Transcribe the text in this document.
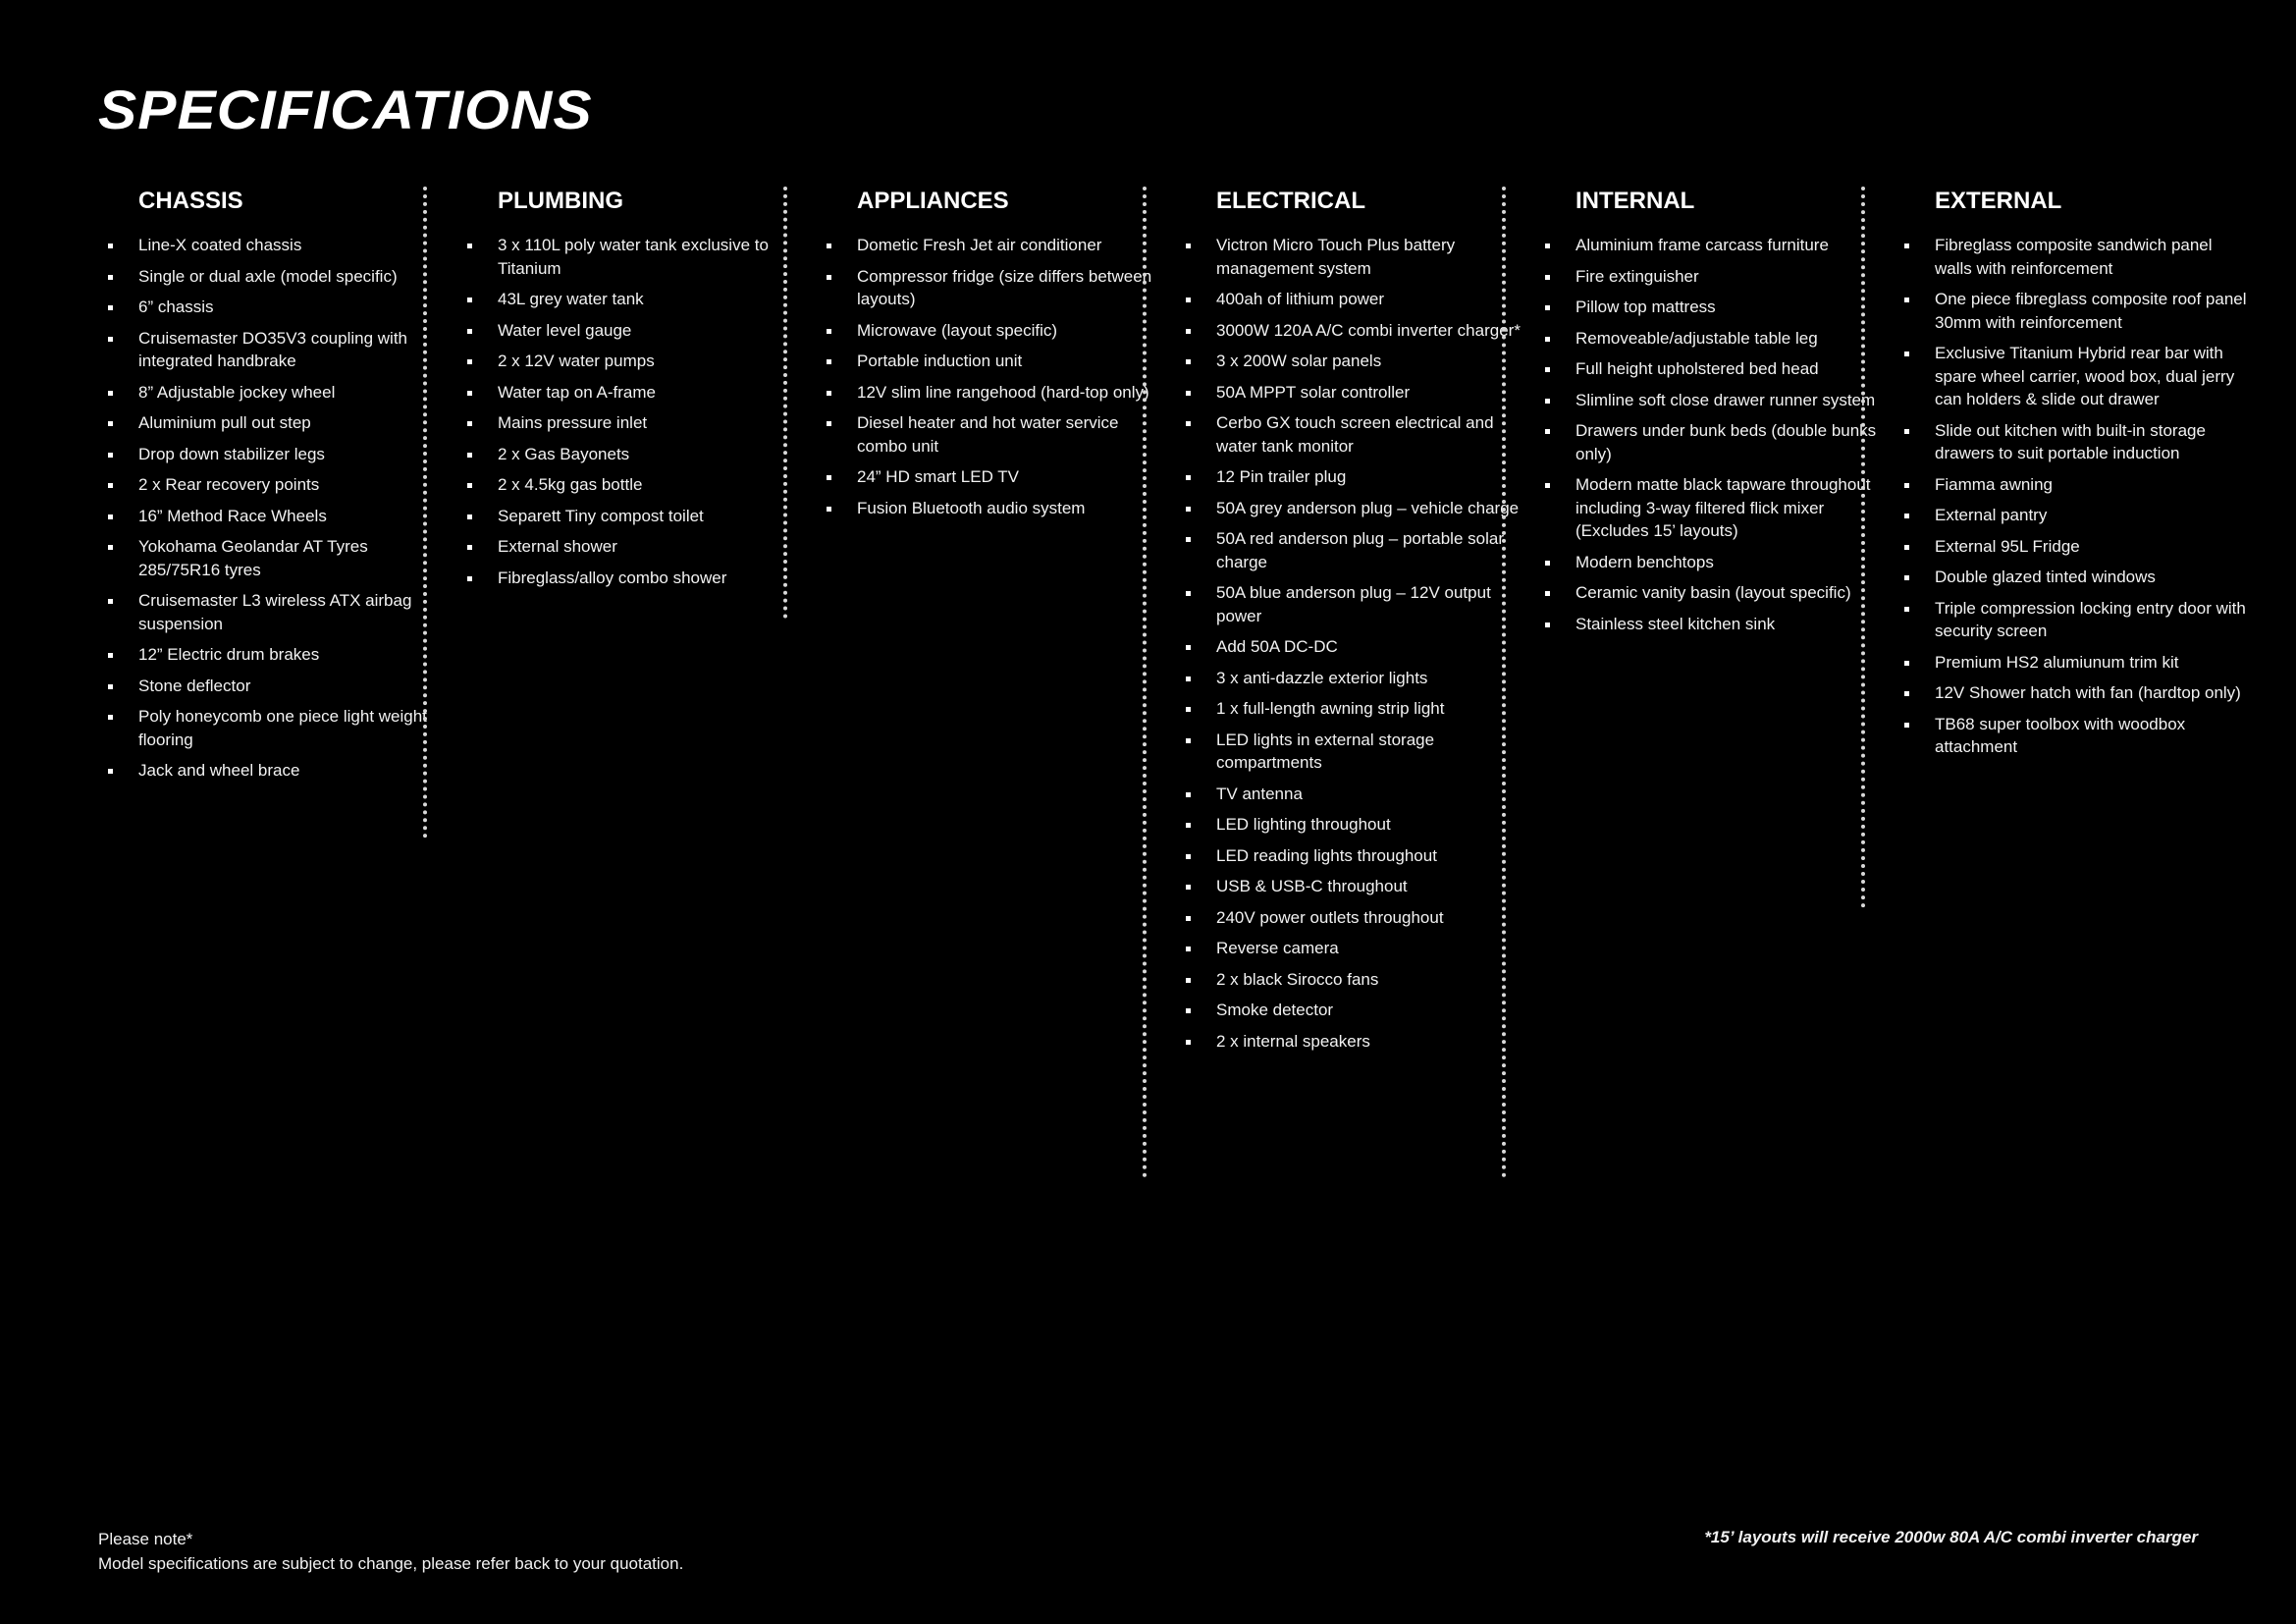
SPECIFICATIONS
CHASSIS
Line-X coated chassis
Single or dual axle (model specific)
6” chassis
Cruisemaster DO35V3 coupling with integrated handbrake
8” Adjustable jockey wheel
Aluminium pull out step
Drop down stabilizer legs
2 x Rear recovery points
16” Method Race Wheels
Yokohama Geolandar AT Tyres 285/75R16 tyres
Cruisemaster L3 wireless ATX airbag suspension
12” Electric drum brakes
Stone deflector
Poly honeycomb one piece light weight flooring
Jack and wheel brace
PLUMBING
3 x 110L poly water tank exclusive to Titanium
43L grey water tank
Water level gauge
2 x 12V water pumps
Water tap on A-frame
Mains pressure inlet
2 x Gas Bayonets
2 x 4.5kg gas bottle
Separett Tiny compost toilet
External shower
Fibreglass/alloy combo shower
APPLIANCES
Dometic Fresh Jet air conditioner
Compressor fridge (size differs between layouts)
Microwave (layout specific)
Portable induction unit
12V slim line rangehood (hard-top only)
Diesel heater and hot water service combo unit
24” HD smart LED TV
Fusion Bluetooth audio system
ELECTRICAL
Victron Micro Touch Plus battery management system
400ah of lithium power
3000W 120A A/C combi inverter charger*
3 x 200W solar panels
50A MPPT solar controller
Cerbo GX touch screen electrical and water tank monitor
12 Pin trailer plug
50A grey anderson plug – vehicle charge
50A red anderson plug – portable solar charge
50A blue anderson plug – 12V output power
Add 50A DC-DC
3 x anti-dazzle exterior lights
1 x full-length awning strip light
LED lights in external storage compartments
TV antenna
LED lighting throughout
LED reading lights throughout
USB & USB-C throughout
240V power outlets throughout
Reverse camera
2 x black Sirocco fans
Smoke detector
2 x internal speakers
INTERNAL
Aluminium frame carcass furniture
Fire extinguisher
Pillow top mattress
Removeable/adjustable table leg
Full height upholstered bed head
Slimline soft close drawer runner system
Drawers under bunk beds (double bunks only)
Modern matte black tapware throughout including 3-way filtered flick mixer (Excludes 15’ layouts)
Modern benchtops
Ceramic vanity basin (layout specific)
Stainless steel kitchen sink
EXTERNAL
Fibreglass composite sandwich panel walls with reinforcement
One piece fibreglass composite roof panel 30mm with reinforcement
Exclusive Titanium Hybrid rear bar with spare wheel carrier, wood box, dual jerry can holders & slide out drawer
Slide out kitchen with built-in storage drawers to suit portable induction
Fiamma awning
External pantry
External 95L Fridge
Double glazed tinted windows
Triple compression locking entry door with security screen
Premium HS2 alumiunum trim kit
12V Shower hatch with fan (hardtop only)
TB68 super toolbox with woodbox attachment
Please note*
Model specifications are subject to change, please refer back to your quotation.
*15’ layouts will receive 2000w 80A A/C combi inverter charger
